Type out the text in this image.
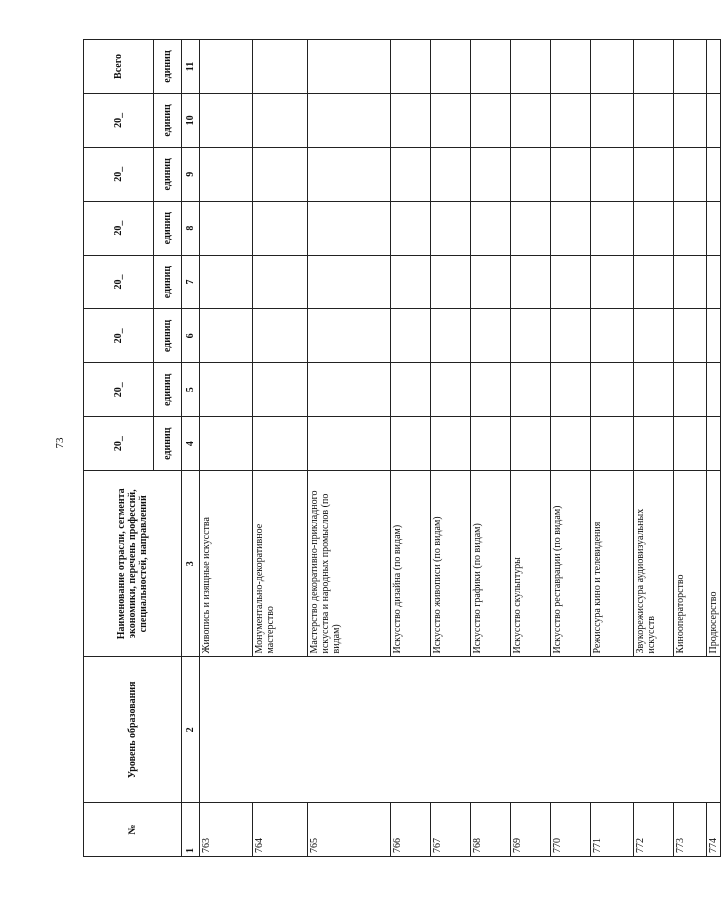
73
№	Уровень образования	Наименование отрасли, сегмента экономики, перечень профессий, специальностей, направлений	20_	20_	20_	20_	20_	20_	20_	Всего
			единиц	единиц	единиц	единиц	единиц	единиц	единиц	единиц
1	2	3	4	5	6	7	8	9	10	11
763		Живопись и изящные искусства								
764		Монументально-декоративное мастерство								
765		Мастерство декоративно-прикладного искусства и народных промыслов (по видам)								
766		Искусство дизайна (по видам)								
767		Искусство живописи (по видам)								
768		Искусство графики (по видам)								
769		Искусство скульптуры								
770		Искусство реставрации (по видам)								
771		Режиссура кино и телевидения								
772		Звукорежиссура аудиовизуальных искусств								
773		Кинооператорство								
774		Продюсерство								
